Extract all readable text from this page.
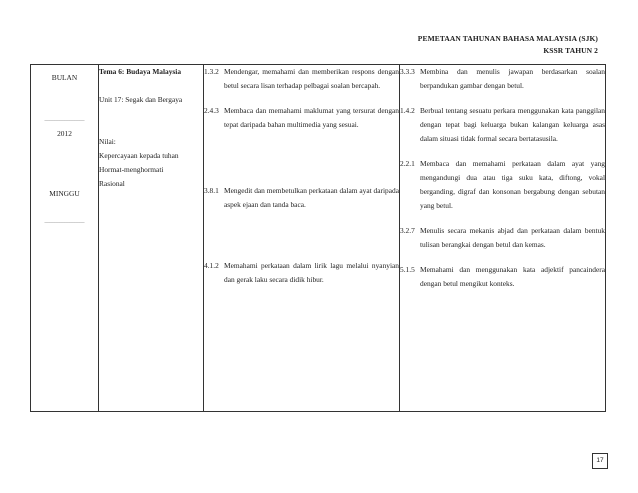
PEMETAAN TAHUNAN BAHASA MALAYSIA (SJK)
KSSR TAHUN 2
BULAN
________________
2012
MINGGU
________________

Tema 6: Budaya Malaysia
Unit 17: Segak dan Bergaya
Nilai:
Kepercayaan kepada tuhan
Hormat-menghormati
Rasional

1.3.2 Mendengar, memahami dan memberikan respons dengan betul secara lisan terhadap pelbagai soalan bercapah.
2.4.3 Membaca dan memahami maklumat yang tersurat dengan tepat daripada bahan multimedia yang sesuai.
3.8.1 Mengedit dan membetulkan perkataan dalam ayat daripada aspek ejaan dan tanda baca.
4.1.2 Memahami perkataan dalam lirik lagu melalui nyanyian dan gerak laku secara didik hibur.

3.3.3 Membina dan menulis jawapan berdasarkan soalan berpandukan gambar dengan betul.
1.4.2 Berbual tentang sesuatu perkara menggunakan kata panggilan dengan tepat bagi keluarga bukan kalangan keluarga asas dalam situasi tidak formal secara bertatasusila.
2.2.1 Membaca dan memahami perkataan dalam ayat yang mengandungi dua atau tiga suku kata, diftong, vokal berganding, digraf dan konsonan bergabung dengan sebutan yang betul.
3.2.7 Menulis secara mekanis abjad dan perkataan dalam bentuk tulisan berangkai dengan betul dan kemas.
5.1.5 Memahami dan menggunakan kata adjektif pancaindera dengan betul mengikut konteks.
17
